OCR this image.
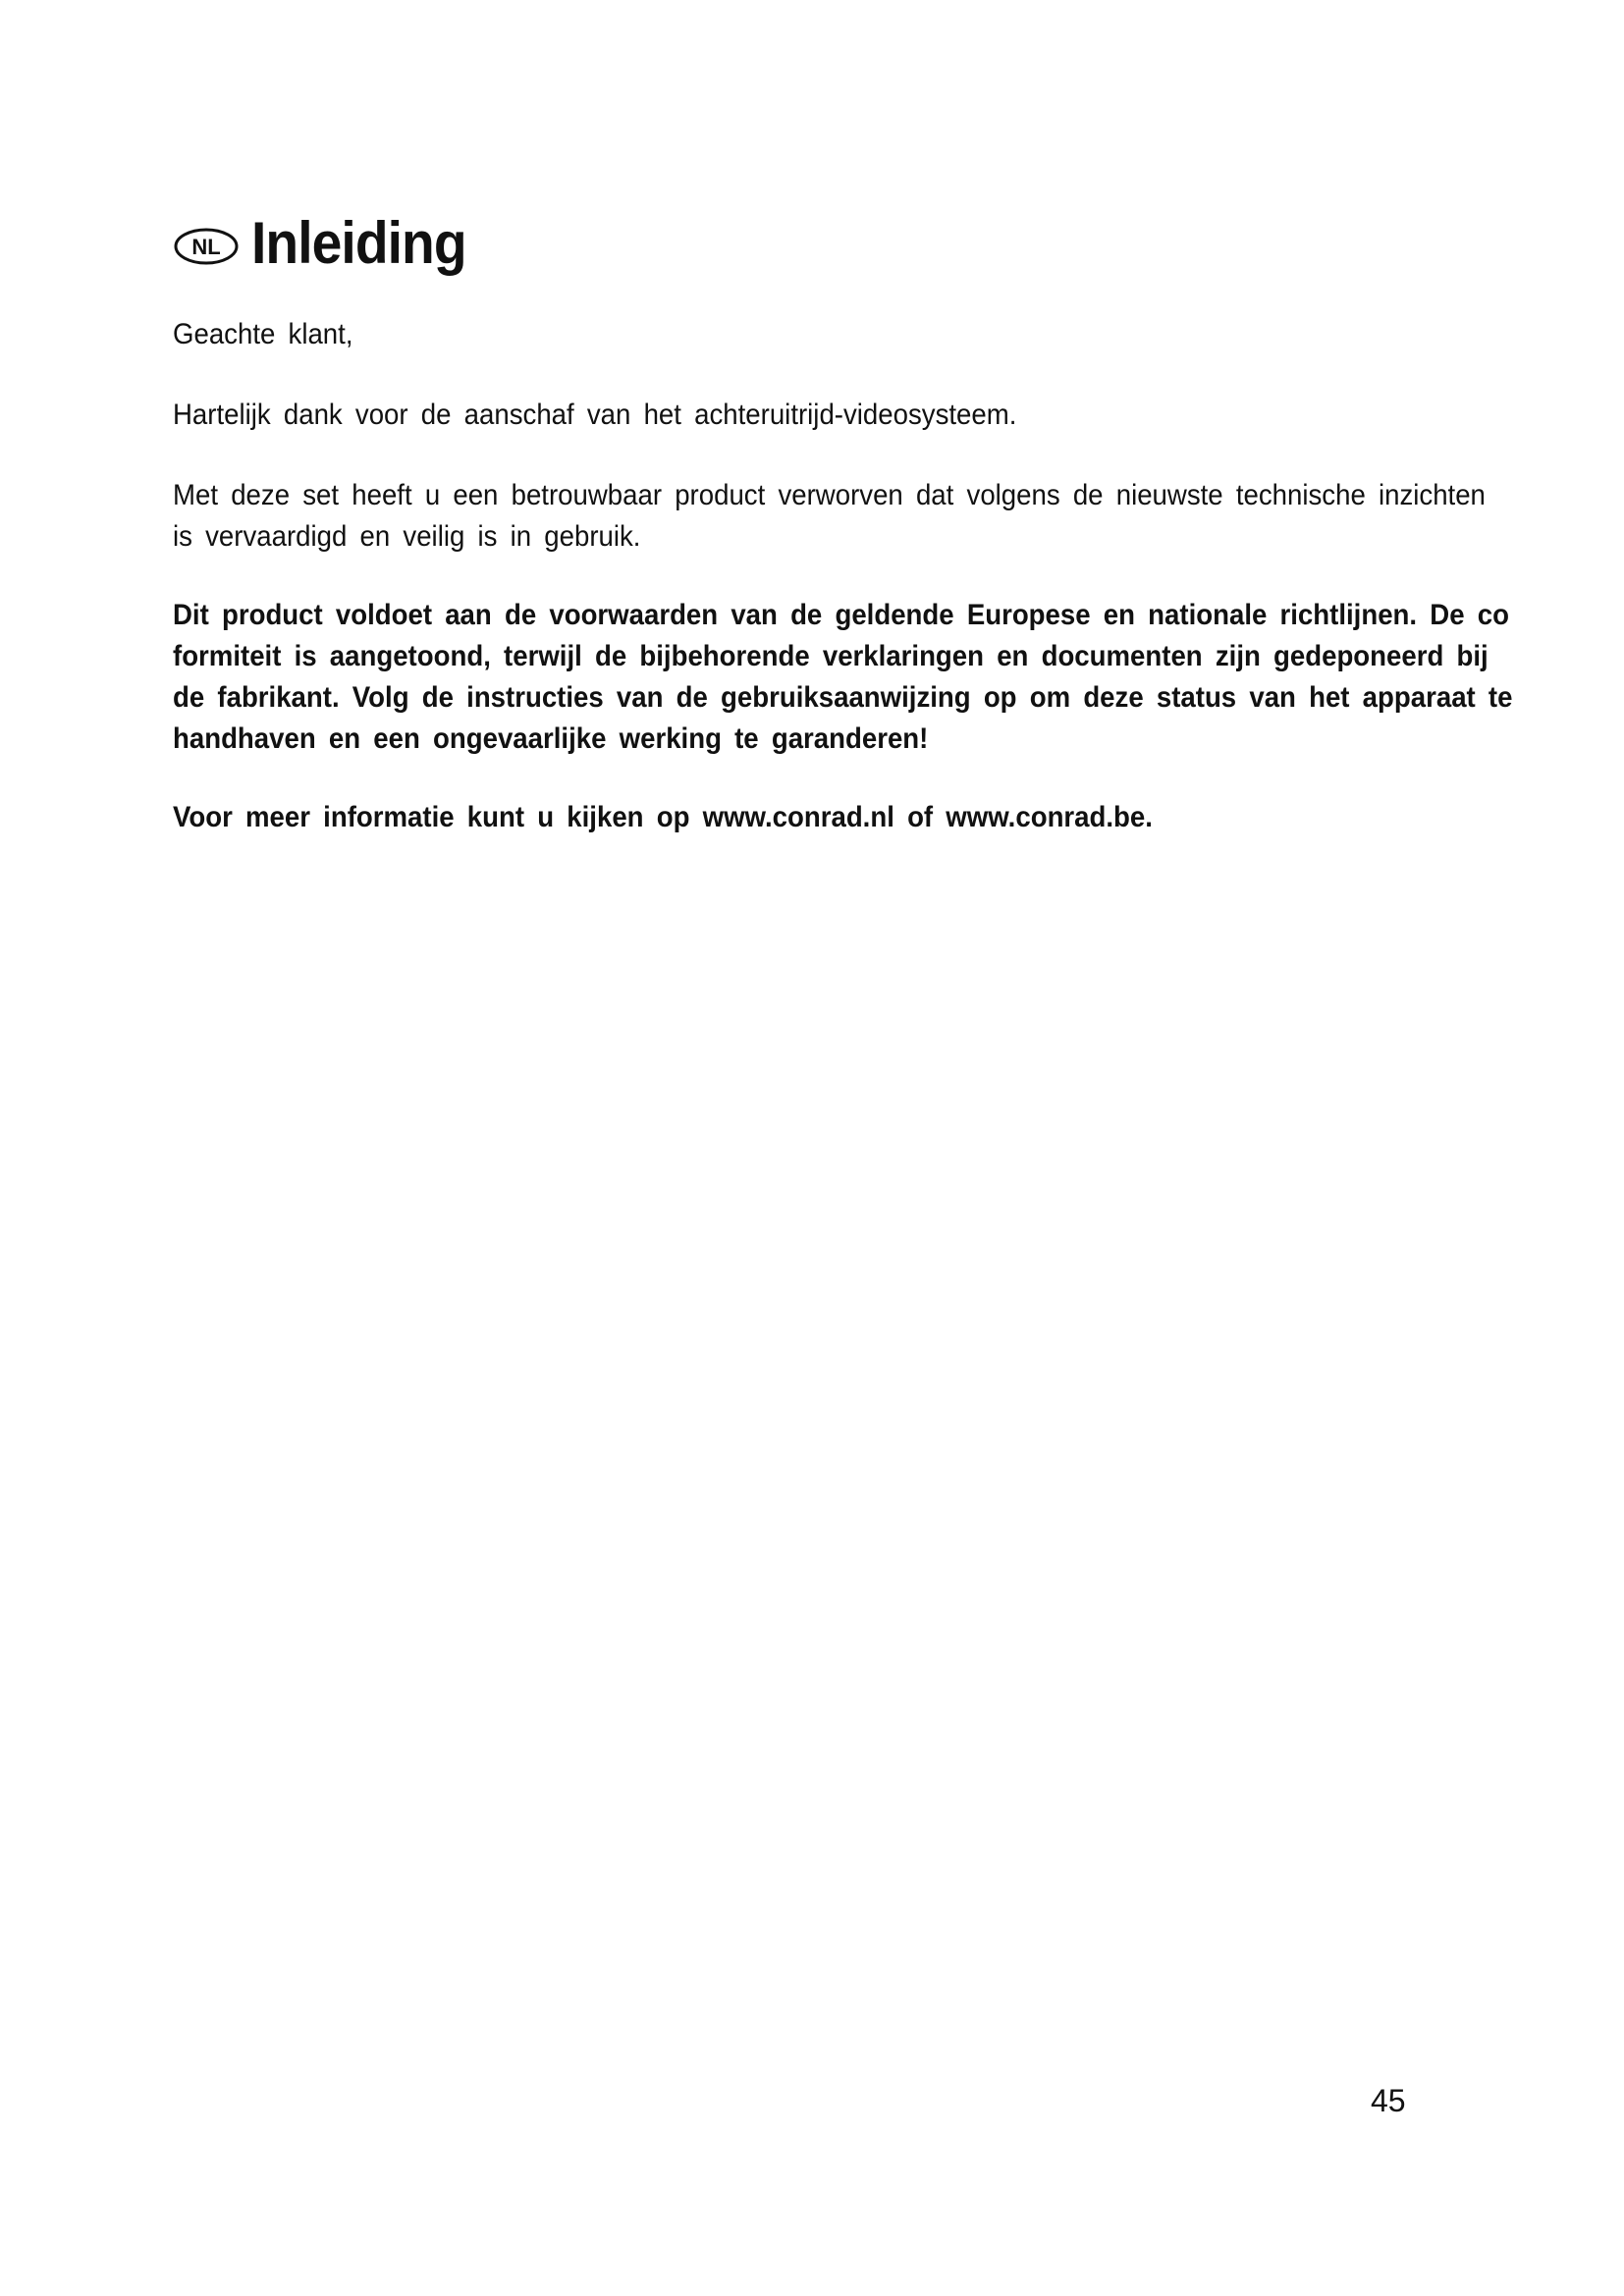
NL Inleiding
Geachte klant,
Hartelijk dank voor de aanschaf van het achteruitrijd-videosysteem.
Met deze set heeft u een betrouwbaar product verworven dat volgens de nieuwste technische inzichten
is vervaardigd en veilig is in gebruik.
Dit product voldoet aan de voorwaarden van de geldende Europese en nationale richtlijnen. De co
formiteit is aangetoond, terwijl de bijbehorende verklaringen en documenten zijn gedeponeerd bij
de fabrikant. Volg de instructies van de gebruiksaanwijzing op om deze status van het apparaat te
handhaven en een ongevaarlijke werking te garanderen!
Voor meer informatie kunt u kijken op www.conrad.nl of www.conrad.be.
45
